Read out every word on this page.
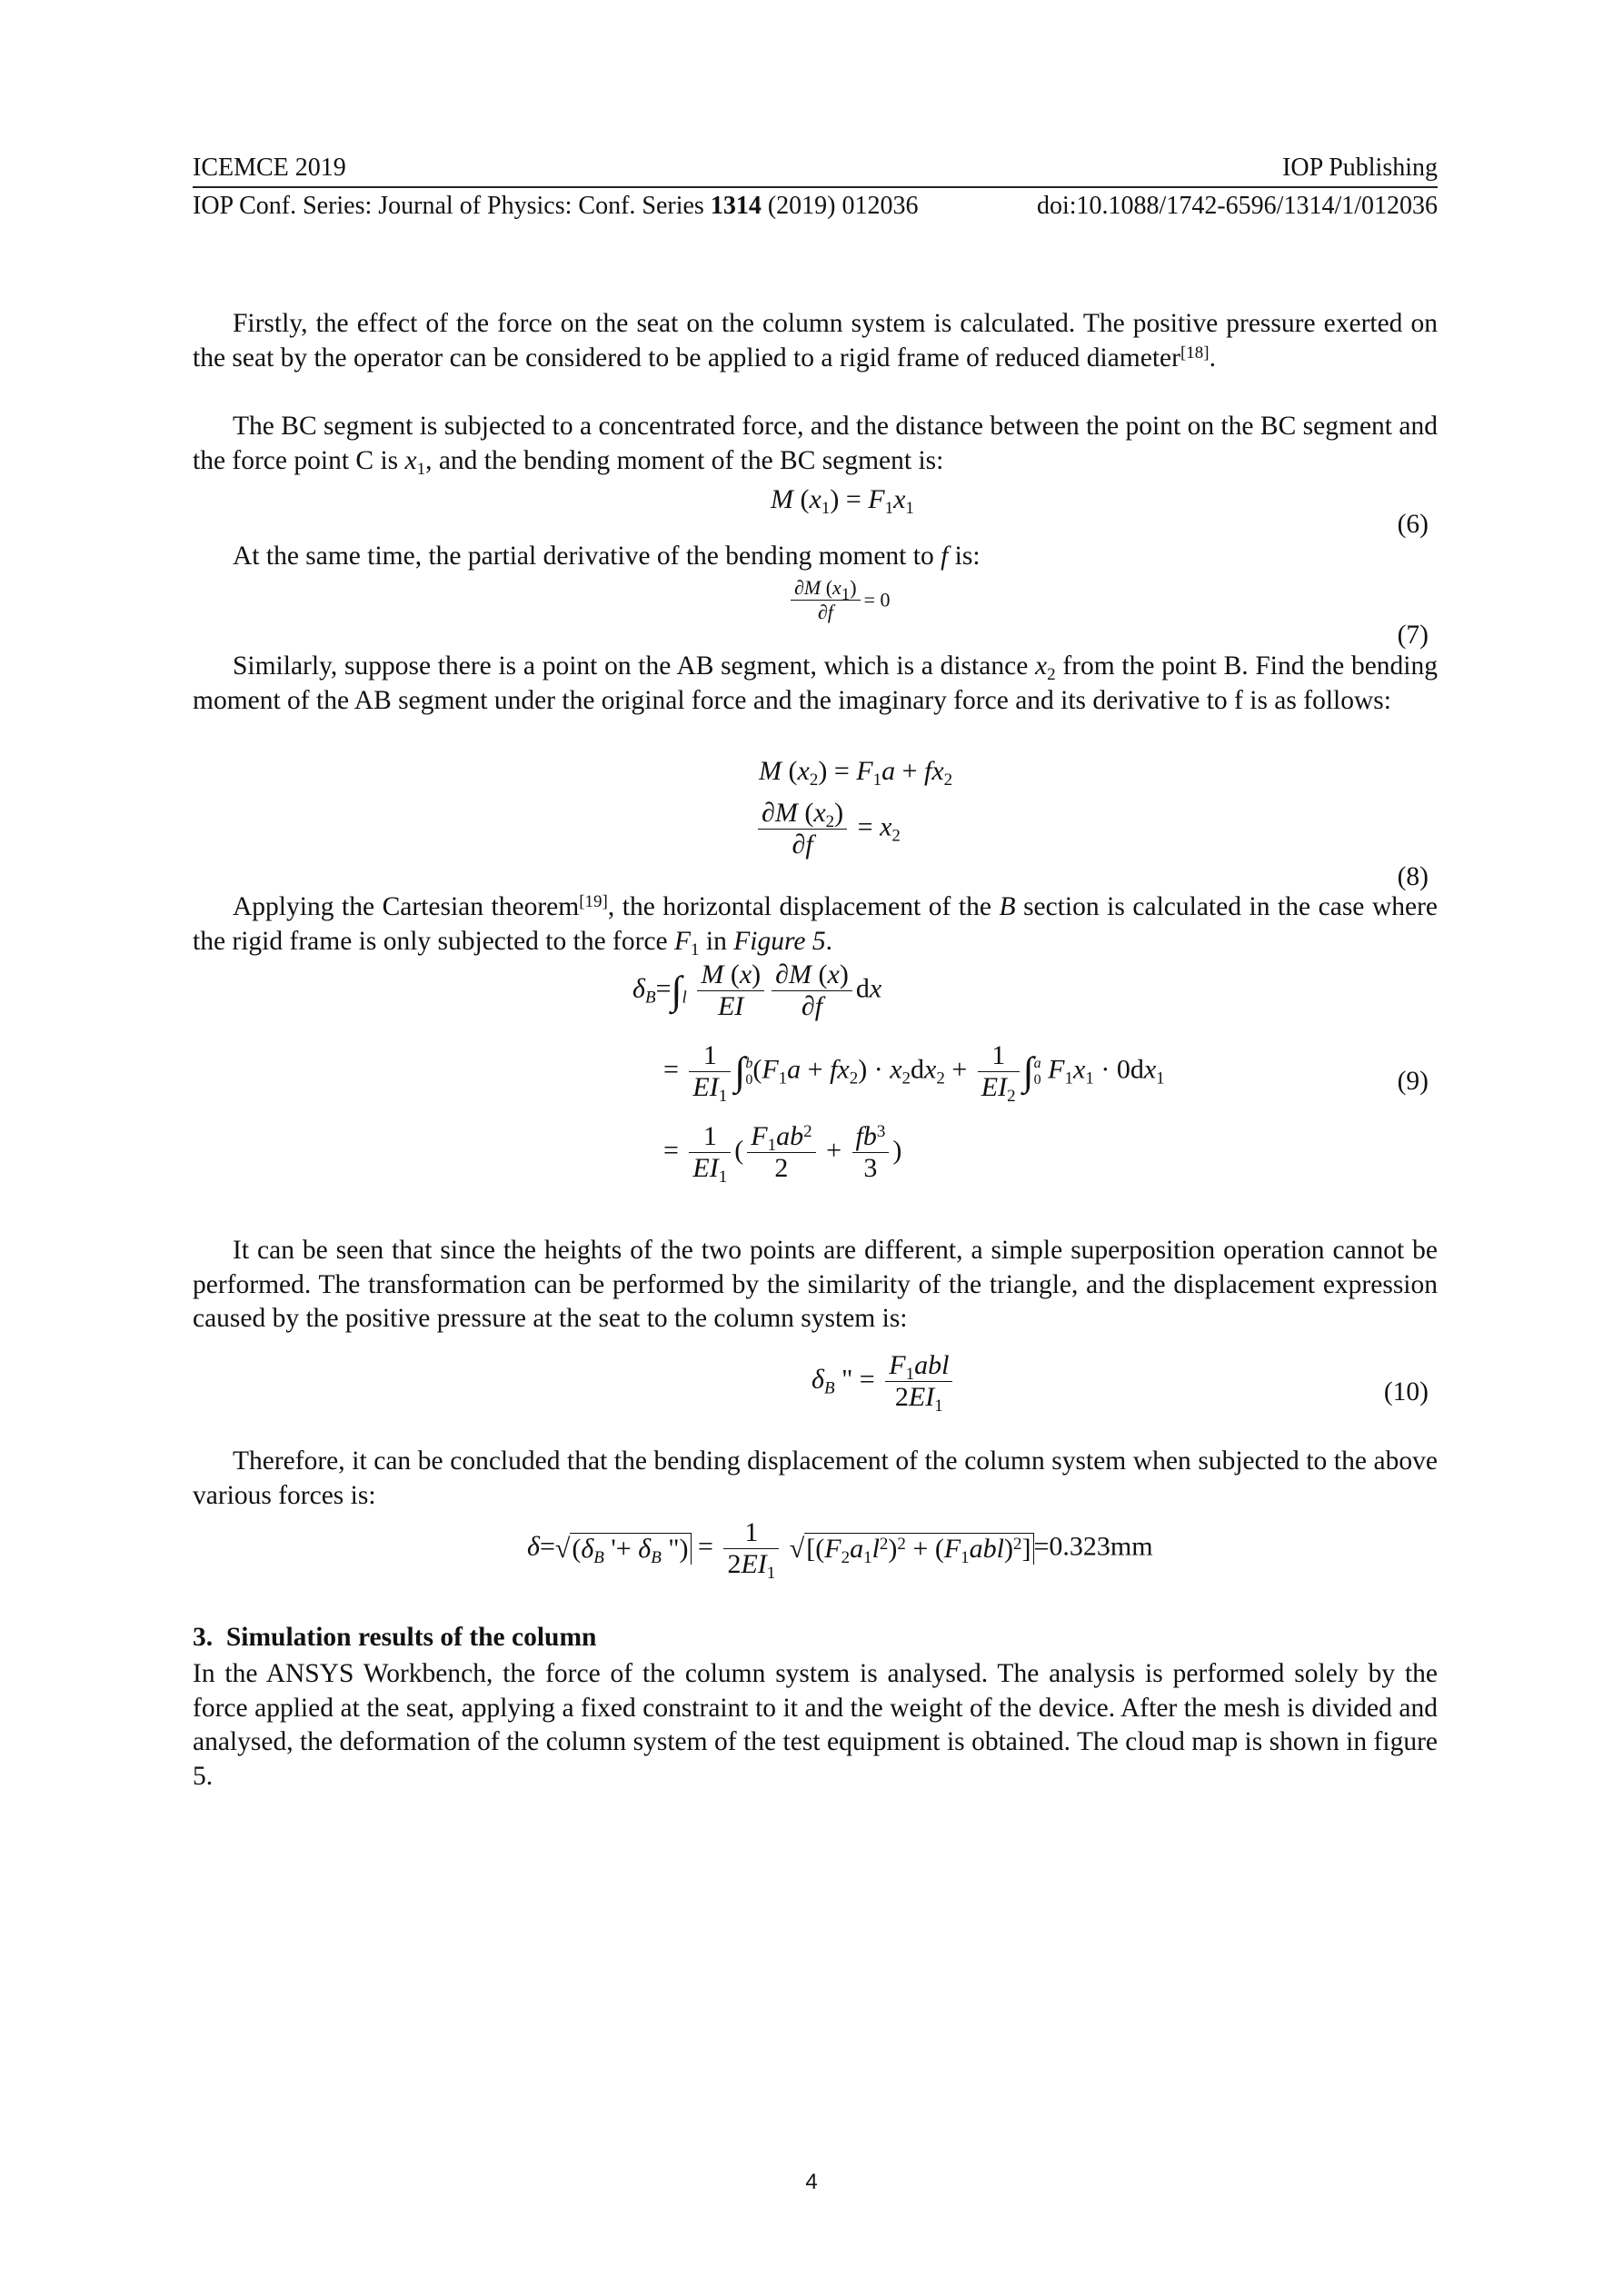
ICEMCE 2019	IOP Publishing
IOP Conf. Series: Journal of Physics: Conf. Series 1314 (2019) 012036	doi:10.1088/1742-6596/1314/1/012036

Firstly, the effect of the force on the seat on the column system is calculated. The positive pressure exerted on the seat by the operator can be considered to be applied to a rigid frame of reduced diameter[18].

The BC segment is subjected to a concentrated force, and the distance between the point on the BC segment and the force point C is $x_1$, and the bending moment of the BC segment is:

M $(x_1) = F_1x_1$
(6)

At the same time, the partial derivative of the bending moment to f is:

$\frac{\partial M (x1)}{\partial f} = 0$
(7)

Similarly, suppose there is a point on the AB segment, which is a distance $x_2$ from the point B. Find the bending moment of the AB segment under the original force and the imaginary force and its derivative to f is as follows:

M $(x_2) = F_1a + fx_2$
$\frac{\partial M (x_2)}{\partial f} = x_2$
(8)

Applying the Cartesian theorem[19], the horizontal displacement of the B section is calculated in the case where the rigid frame is only subjected to the force $F_1$ in Figure 5.

$\delta_B=\int_l \frac{M (x)}{EI} \frac{\partial M (x)}{\partial f}$ dx
= $\frac{1}{EI_1}$ ∫ b
0 $(F_1a + fx_2) \cdot x_2dx_2 + \frac{1}{EI_2}$ ∫ a
0 $F_1x_1 \cdot 0dx_1$	(9)
= $\frac{1}{EI_1}$ ( $\frac{F_1ab^2}{2} + \frac{fb^3}{3}$ )

It can be seen that since the heights of the two points are different, a simple superposition operation cannot be performed. The transformation can be performed by the similarity of the triangle, and the displacement expression caused by the positive pressure at the seat to the column system is:

$\delta_B$ " = $\frac{F_1abl}{2EI_1}$	(10)

Therefore, it can be concluded that the bending displacement of the column system when subjected to the above various forces is:

$\delta=√(\delta_B$ '+ $\delta_B$ ") = $\frac{1}{2EI_1} √[(F_2a_1l^2)^2 + (F_1abl)^2] =0.323mm$
3. Simulation results of the column

In the ANSYS Workbench, the force of the column system is analysed. The analysis is performed solely by the force applied at the seat, applying a fixed constraint to it and the weight of the device. After the mesh is divided and analysed, the deformation of the column system of the test equipment is obtained. The cloud map is shown in figure 5.

4
